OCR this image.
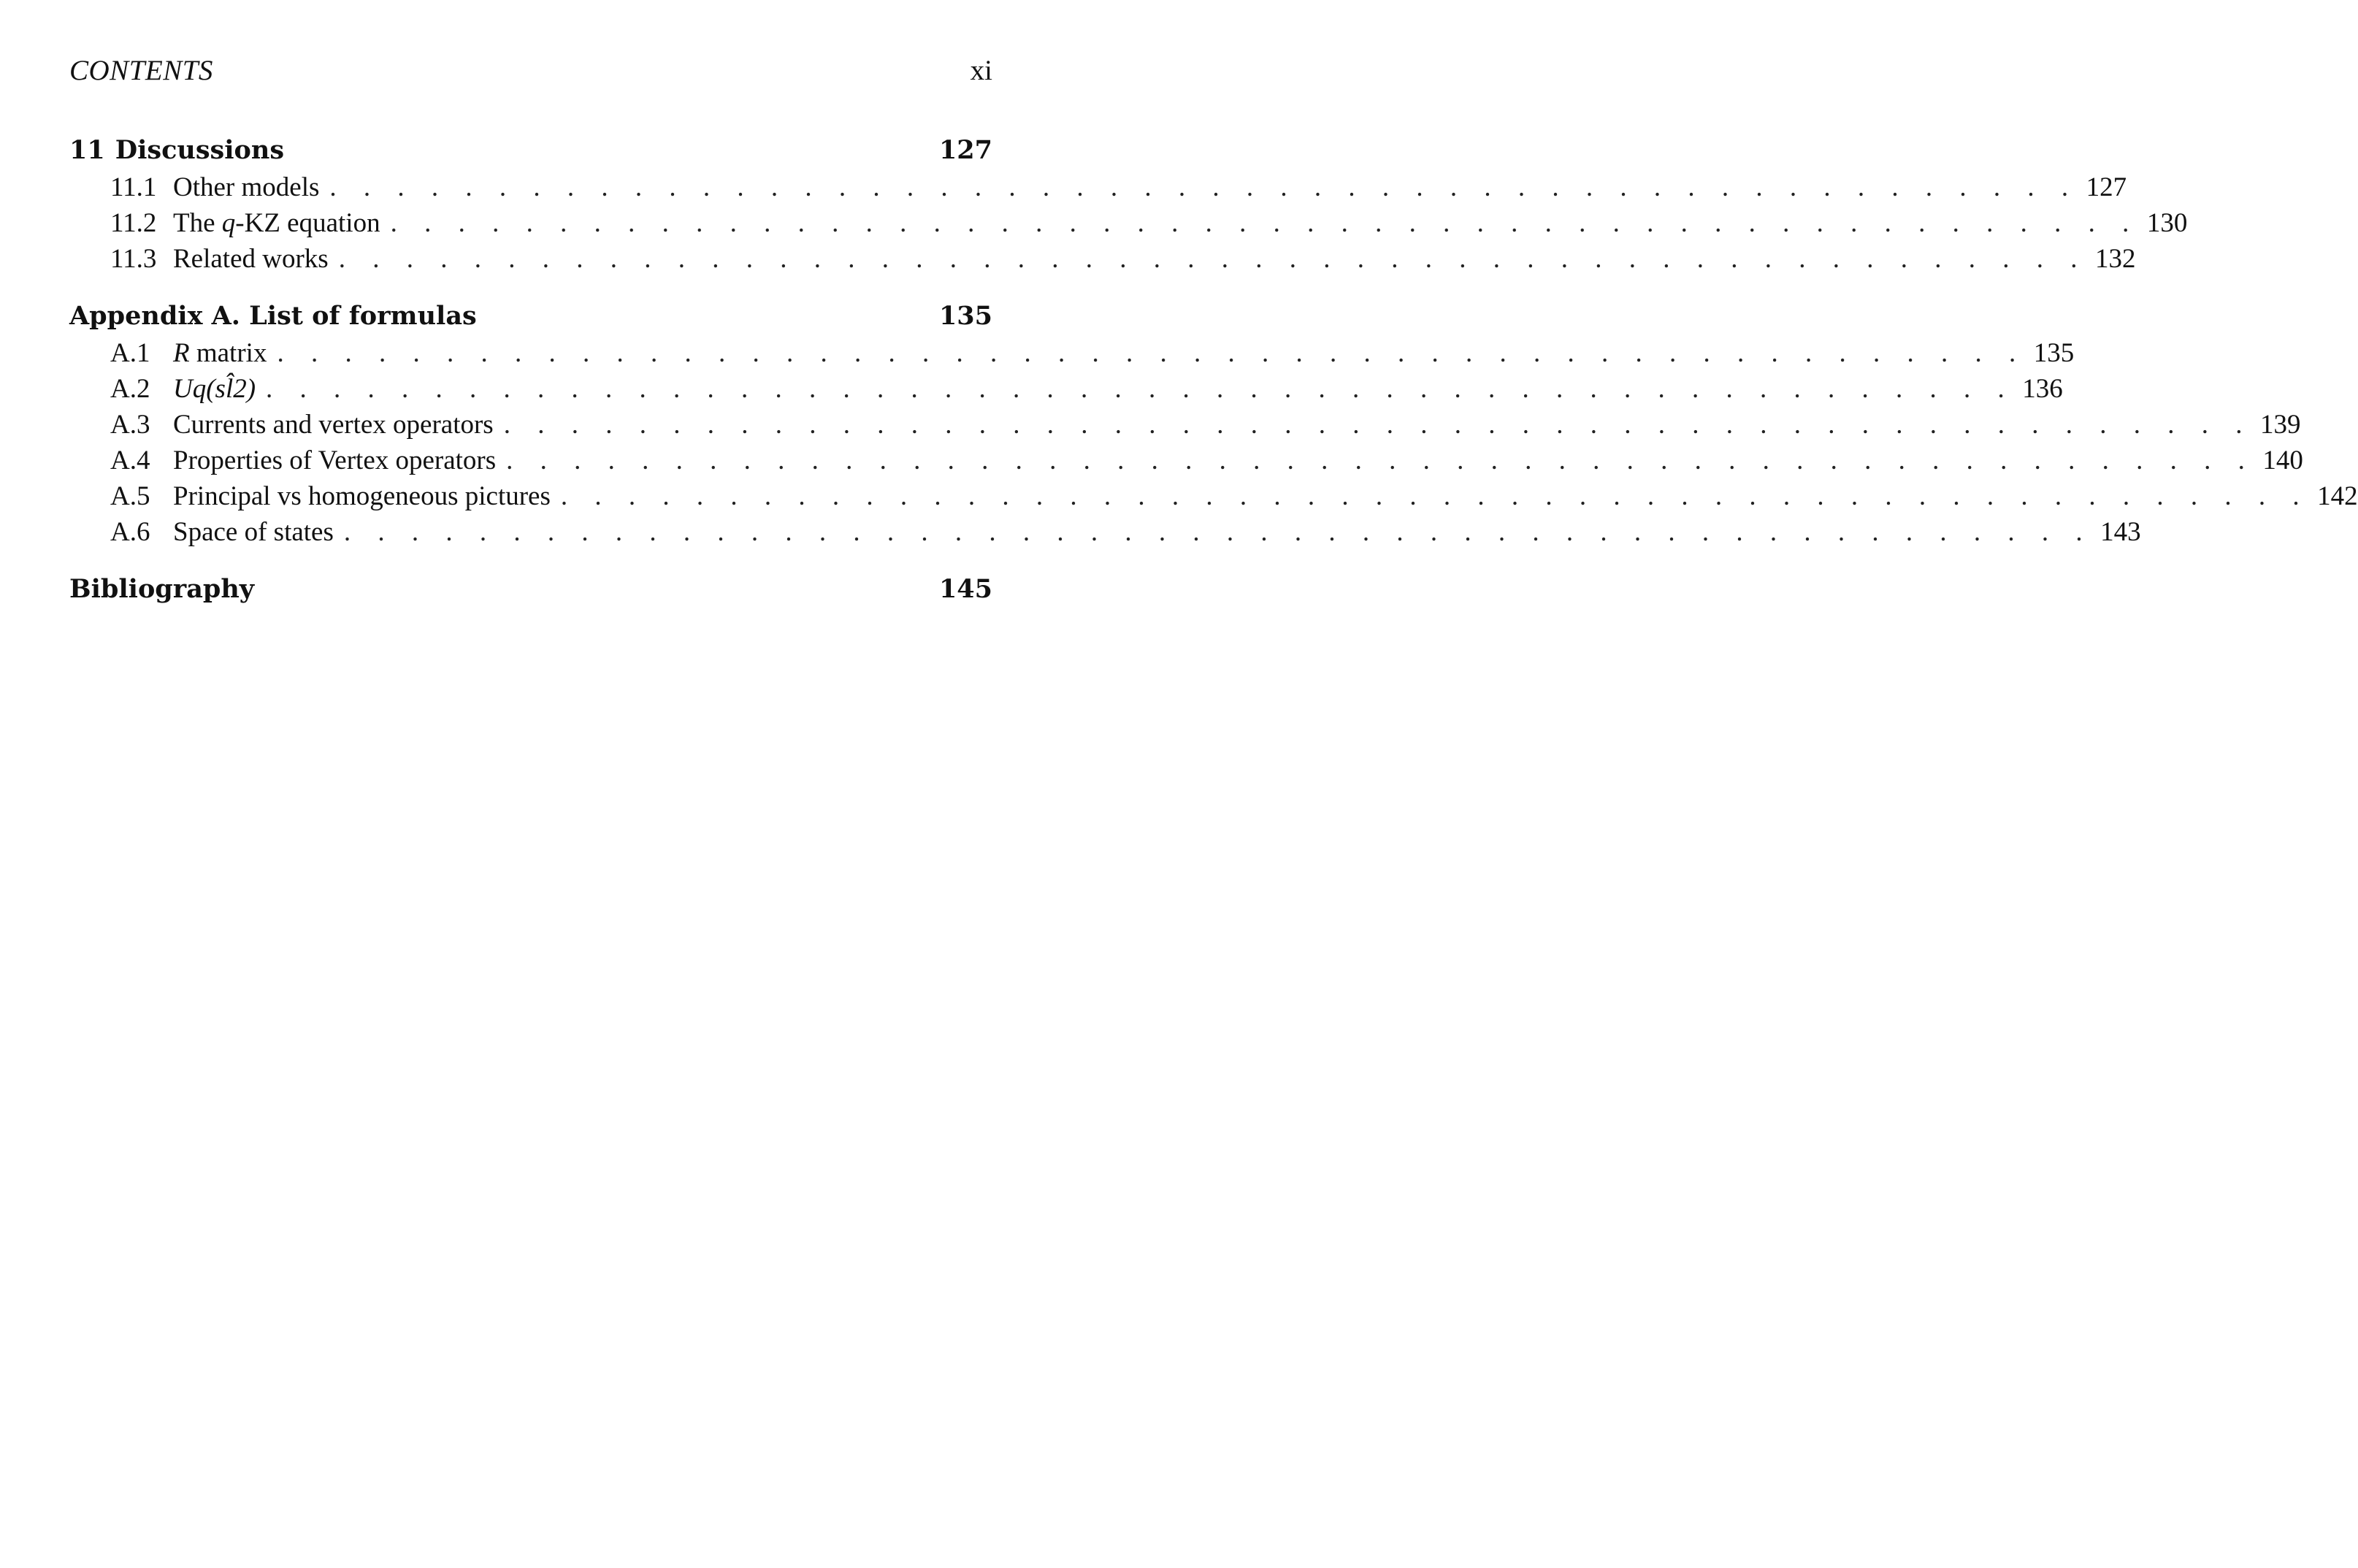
CONTENTS	xi
11 Discussions	127
11.1 Other models . . . . . . . . . . . . . . . . . . . . . . . . . . . . . . . . . . . . . . . . . . . . . . . . . . . . 127
11.2 The q-KZ equation . . . . . . . . . . . . . . . . . . . . . . . . . . . . . . . . . . . . . . . . . . . . . . . . . . . . 130
11.3 Related works . . . . . . . . . . . . . . . . . . . . . . . . . . . . . . . . . . . . . . . . . . . . . . . . . . . . 132
Appendix A. List of formulas	135
A.1 R matrix . . . . . . . . . . . . . . . . . . . . . . . . . . . . . . . . . . . . . . . . . . . . . . . . . . . . 135
A.2 Uq(sl̂2) . . . . . . . . . . . . . . . . . . . . . . . . . . . . . . . . . . . . . . . . . . . . . . . . . . . . 136
A.3 Currents and vertex operators . . . . . . . . . . . . . . . . . . . . . . . . . . . . . . . . . . . . . . . . . . . . . . . . . . . . 139
A.4 Properties of Vertex operators . . . . . . . . . . . . . . . . . . . . . . . . . . . . . . . . . . . . . . . . . . . . . . . . . . . . 140
A.5 Principal vs homogeneous pictures . . . . . . . . . . . . . . . . . . . . . . . . . . . . . . . . . . . . . . . . . . . . . . . . . . . . 142
A.6 Space of states . . . . . . . . . . . . . . . . . . . . . . . . . . . . . . . . . . . . . . . . . . . . . . . . . . . . 143
Bibliography	145
